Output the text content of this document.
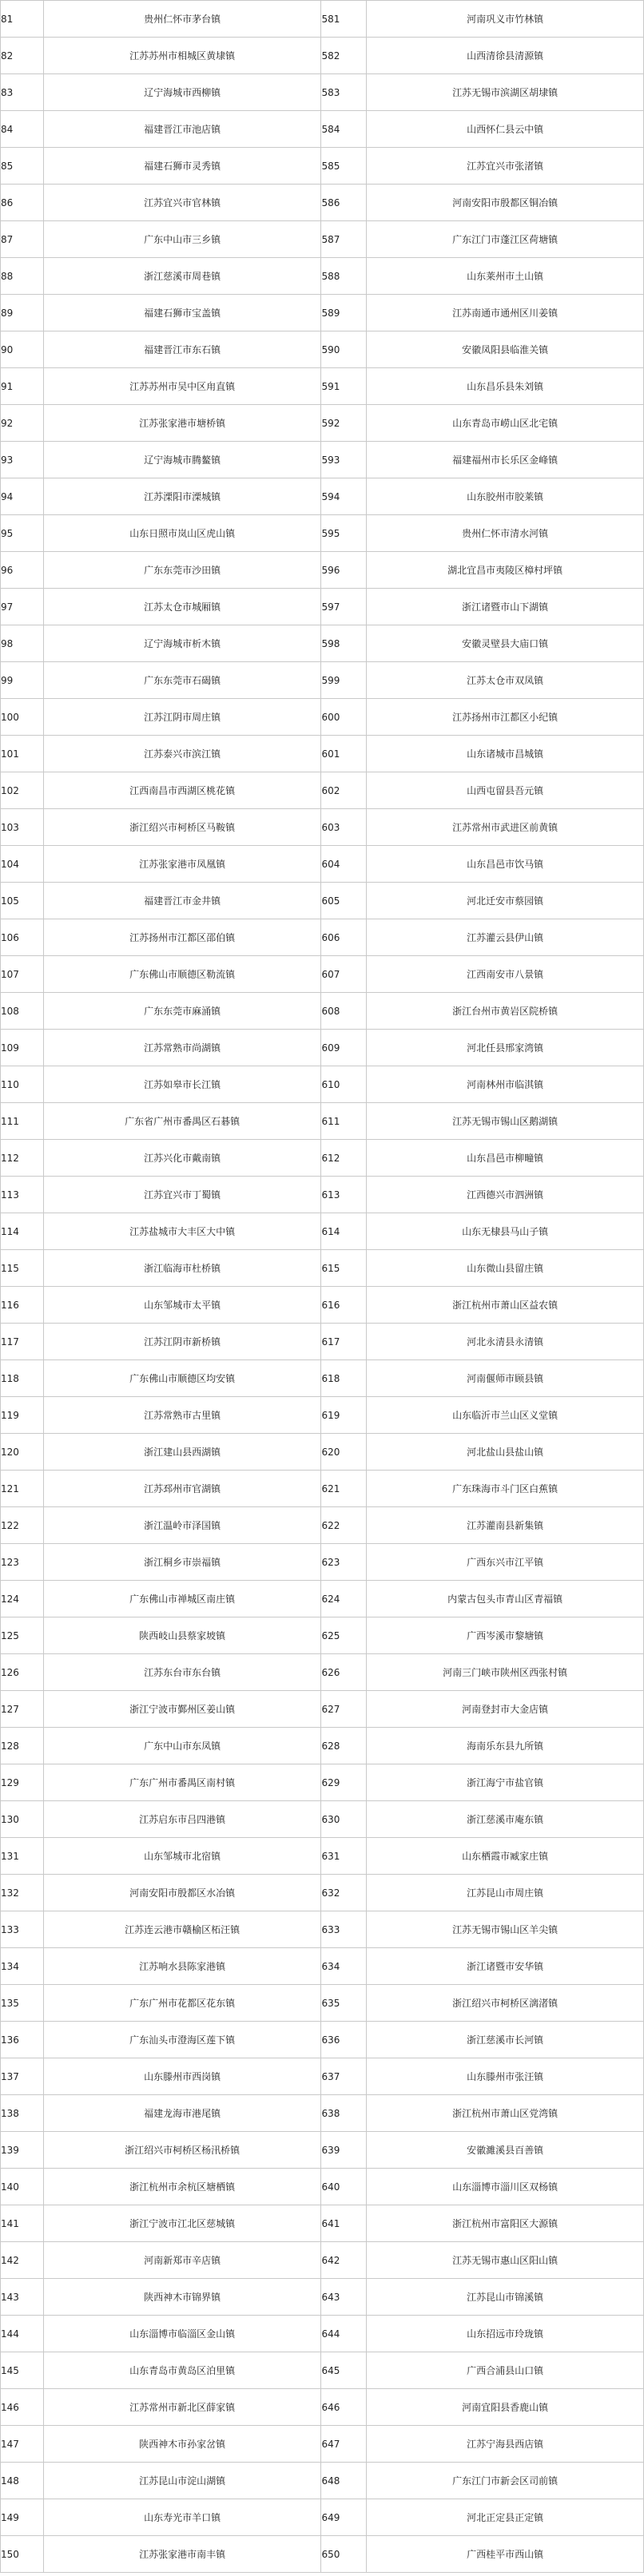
81	贵州仁怀市茅台镇	581	河南巩义市竹林镇
82	江苏苏州市相城区黄埭镇	582	山西清徐县清源镇
83	辽宁海城市西柳镇	583	江苏无锡市滨湖区胡埭镇
84	福建晋江市池店镇	584	山西怀仁县云中镇
85	福建石狮市灵秀镇	585	江苏宜兴市张渚镇
86	江苏宜兴市官林镇	586	河南安阳市殷都区铜冶镇
87	广东中山市三乡镇	587	广东江门市蓬江区荷塘镇
88	浙江慈溪市周巷镇	588	山东莱州市土山镇
89	福建石狮市宝盖镇	589	江苏南通市通州区川姜镇
90	福建晋江市东石镇	590	安徽凤阳县临淮关镇
91	江苏苏州市吴中区甪直镇	591	山东昌乐县朱刘镇
92	江苏张家港市塘桥镇	592	山东青岛市崂山区北宅镇
93	辽宁海城市腾鳌镇	593	福建福州市长乐区金峰镇
94	江苏溧阳市溧城镇	594	山东胶州市胶莱镇
95	山东日照市岚山区虎山镇	595	贵州仁怀市清水河镇
96	广东东莞市沙田镇	596	湖北宜昌市夷陵区樟村坪镇
97	江苏太仓市城厢镇	597	浙江诸暨市山下湖镇
98	辽宁海城市析木镇	598	安徽灵壁县大庙口镇
99	广东东莞市石碣镇	599	江苏太仓市双凤镇
100	江苏江阴市周庄镇	600	江苏扬州市江都区小纪镇
101	江苏泰兴市滨江镇	601	山东诸城市昌城镇
102	江西南昌市西湖区桃花镇	602	山西屯留县吾元镇
103	浙江绍兴市柯桥区马鞍镇	603	江苏常州市武进区前黄镇
104	江苏张家港市凤凰镇	604	山东昌邑市饮马镇
105	福建晋江市金井镇	605	河北迁安市蔡园镇
106	江苏扬州市江都区邵伯镇	606	江苏灌云县伊山镇
107	广东佛山市顺德区勒流镇	607	江西南安市八景镇
108	广东东莞市麻涌镇	608	浙江台州市黄岩区院桥镇
109	江苏常熟市尚湖镇	609	河北任县邢家湾镇
110	江苏如皋市长江镇	610	河南林州市临淇镇
111	广东省广州市番禺区石碁镇	611	江苏无锡市锡山区鹅湖镇
112	江苏兴化市戴南镇	612	山东昌邑市柳疃镇
113	江苏宜兴市丁蜀镇	613	江西德兴市泗洲镇
114	江苏盐城市大丰区大中镇	614	山东无棣县马山子镇
115	浙江临海市杜桥镇	615	山东微山县留庄镇
116	山东邹城市太平镇	616	浙江杭州市萧山区益农镇
117	江苏江阴市新桥镇	617	河北永清县永清镇
118	广东佛山市顺德区均安镇	618	河南偃师市顾县镇
119	江苏常熟市古里镇	619	山东临沂市兰山区义堂镇
120	浙江建山县西湖镇	620	河北盐山县盐山镇
121	江苏邳州市官湖镇	621	广东珠海市斗门区白蕉镇
122	浙江温岭市泽国镇	622	江苏灌南县新集镇
123	浙江桐乡市崇福镇	623	广西东兴市江平镇
124	广东佛山市禅城区南庄镇	624	内蒙古包头市青山区青福镇
125	陕西岐山县蔡家坡镇	625	广西岑溪市黎塘镇
126	江苏东台市东台镇	626	河南三门峡市陕州区西张村镇
127	浙江宁波市鄞州区姜山镇	627	河南登封市大金店镇
128	广东中山市东凤镇	628	海南乐东县九所镇
129	广东广州市番禺区南村镇	629	浙江海宁市盐官镇
130	江苏启东市吕四港镇	630	浙江慈溪市庵东镇
131	山东邹城市北宿镇	631	山东栖霞市臧家庄镇
132	河南安阳市殷都区水冶镇	632	江苏昆山市周庄镇
133	江苏连云港市赣榆区柘汪镇	633	江苏无锡市锡山区羊尖镇
134	江苏响水县陈家港镇	634	浙江诸暨市安华镇
135	广东广州市花都区花东镇	635	浙江绍兴市柯桥区漓渚镇
136	广东汕头市澄海区莲下镇	636	浙江慈溪市长河镇
137	山东滕州市西岗镇	637	山东滕州市张汪镇
138	福建龙海市港尾镇	638	浙江杭州市萧山区党湾镇
139	浙江绍兴市柯桥区杨汛桥镇	639	安徽濉溪县百善镇
140	浙江杭州市余杭区塘栖镇	640	山东淄博市淄川区双杨镇
141	浙江宁波市江北区慈城镇	641	浙江杭州市富阳区大源镇
142	河南新郑市辛店镇	642	江苏无锡市惠山区阳山镇
143	陕西神木市锦界镇	643	江苏昆山市锦溪镇
144	山东淄博市临淄区金山镇	644	山东招远市玲珑镇
145	山东青岛市黄岛区泊里镇	645	广西合浦县山口镇
146	江苏常州市新北区薛家镇	646	河南宜阳县香鹿山镇
147	陕西神木市孙家岔镇	647	江苏宁海县西店镇
148	江苏昆山市淀山湖镇	648	广东江门市新会区司前镇
149	山东寿光市羊口镇	649	河北正定县正定镇
150	江苏张家港市南丰镇	650	广西桂平市西山镇
